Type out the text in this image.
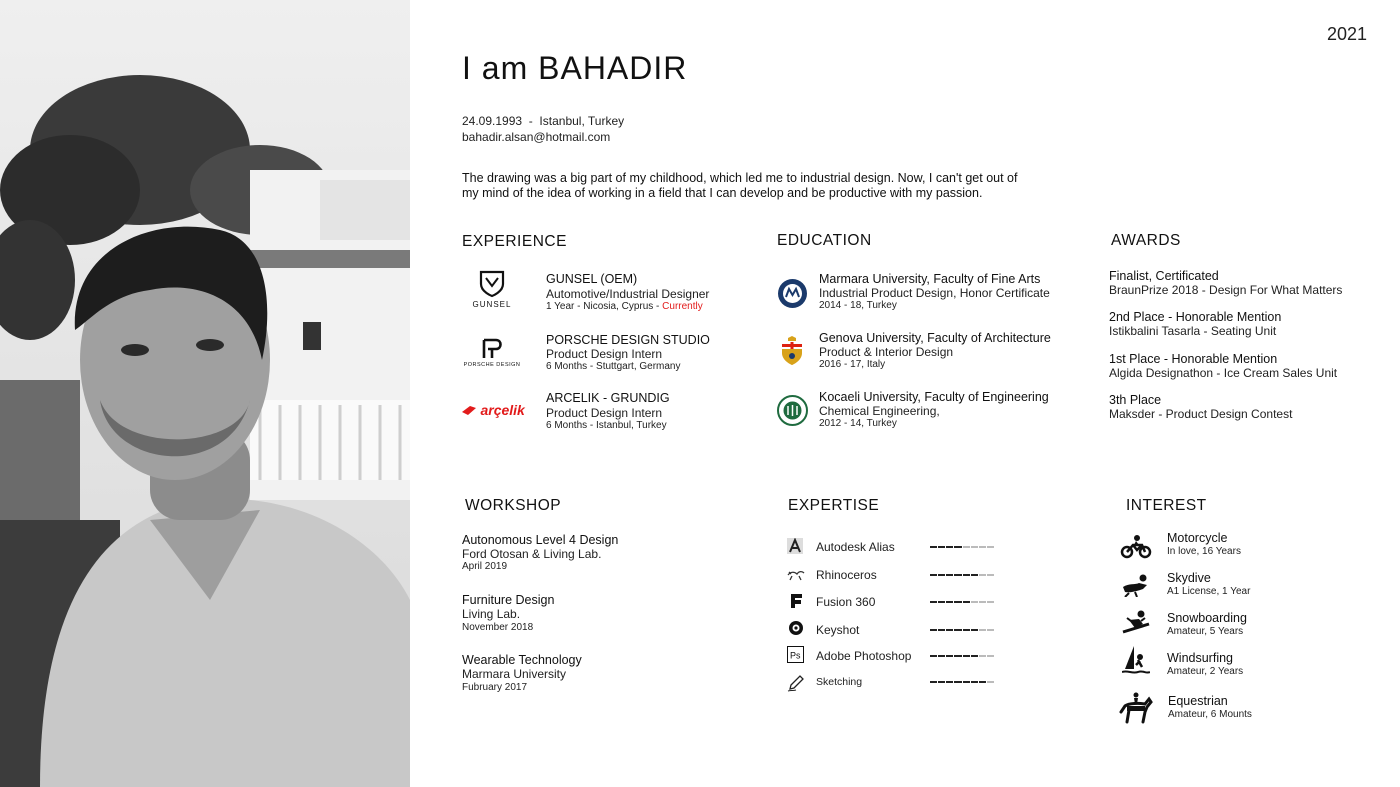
2021
I am BAHADIR
24.09.1993  -  Istanbul, Turkey
bahadir.alsan@hotmail.com
The drawing was a big part of my childhood, which led me to industrial design. Now, I can't get out of my mind of the idea of working in a field that I can develop and be productive with my passion.
EXPERIENCE	EDUCATION	AWARDS
WORKSHOP	EXPERTISE	INTEREST
GUNSEL
GUNSEL (OEM)
Automotive/Industrial Designer
1 Year - Nicosia, Cyprus - Currently
PORSCHE DESIGN
PORSCHE DESIGN STUDIO
Product Design Intern
6 Months - Stuttgart, Germany
arçelik
ARCELIK - GRUNDIG
Product Design Intern
6 Months - Istanbul, Turkey
Marmara University, Faculty of Fine Arts
Industrial Product Design, Honor Certificate
2014 - 18, Turkey
Genova University, Faculty of Architecture
Product & Interior Design
2016 - 17, Italy
Kocaeli University, Faculty of Engineering
Chemical Engineering,
2012 - 14, Turkey
Finalist, Certificated
BraunPrize 2018 - Design For What Matters
2nd Place - Honorable Mention
Istikbalini Tasarla - Seating Unit
1st Place - Honorable Mention
Algida Designathon - Ice Cream Sales Unit
3th Place
Maksder - Product Design Contest
Autonomous Level 4 Design
Ford Otosan & Living Lab.
April 2019
Furniture Design
Living Lab.
November 2018
Wearable Technology
Marmara University
Fubruary 2017
Autodesk Alias
Rhinoceros
Fusion 360
Keyshot
Ps Adobe Photoshop
Sketching
Motorcycle
In love, 16 Years
Skydive
A1 License, 1 Year
Snowboarding
Amateur, 5 Years
Windsurfing
Amateur, 2 Years
Equestrian
Amateur, 6 Mounts
